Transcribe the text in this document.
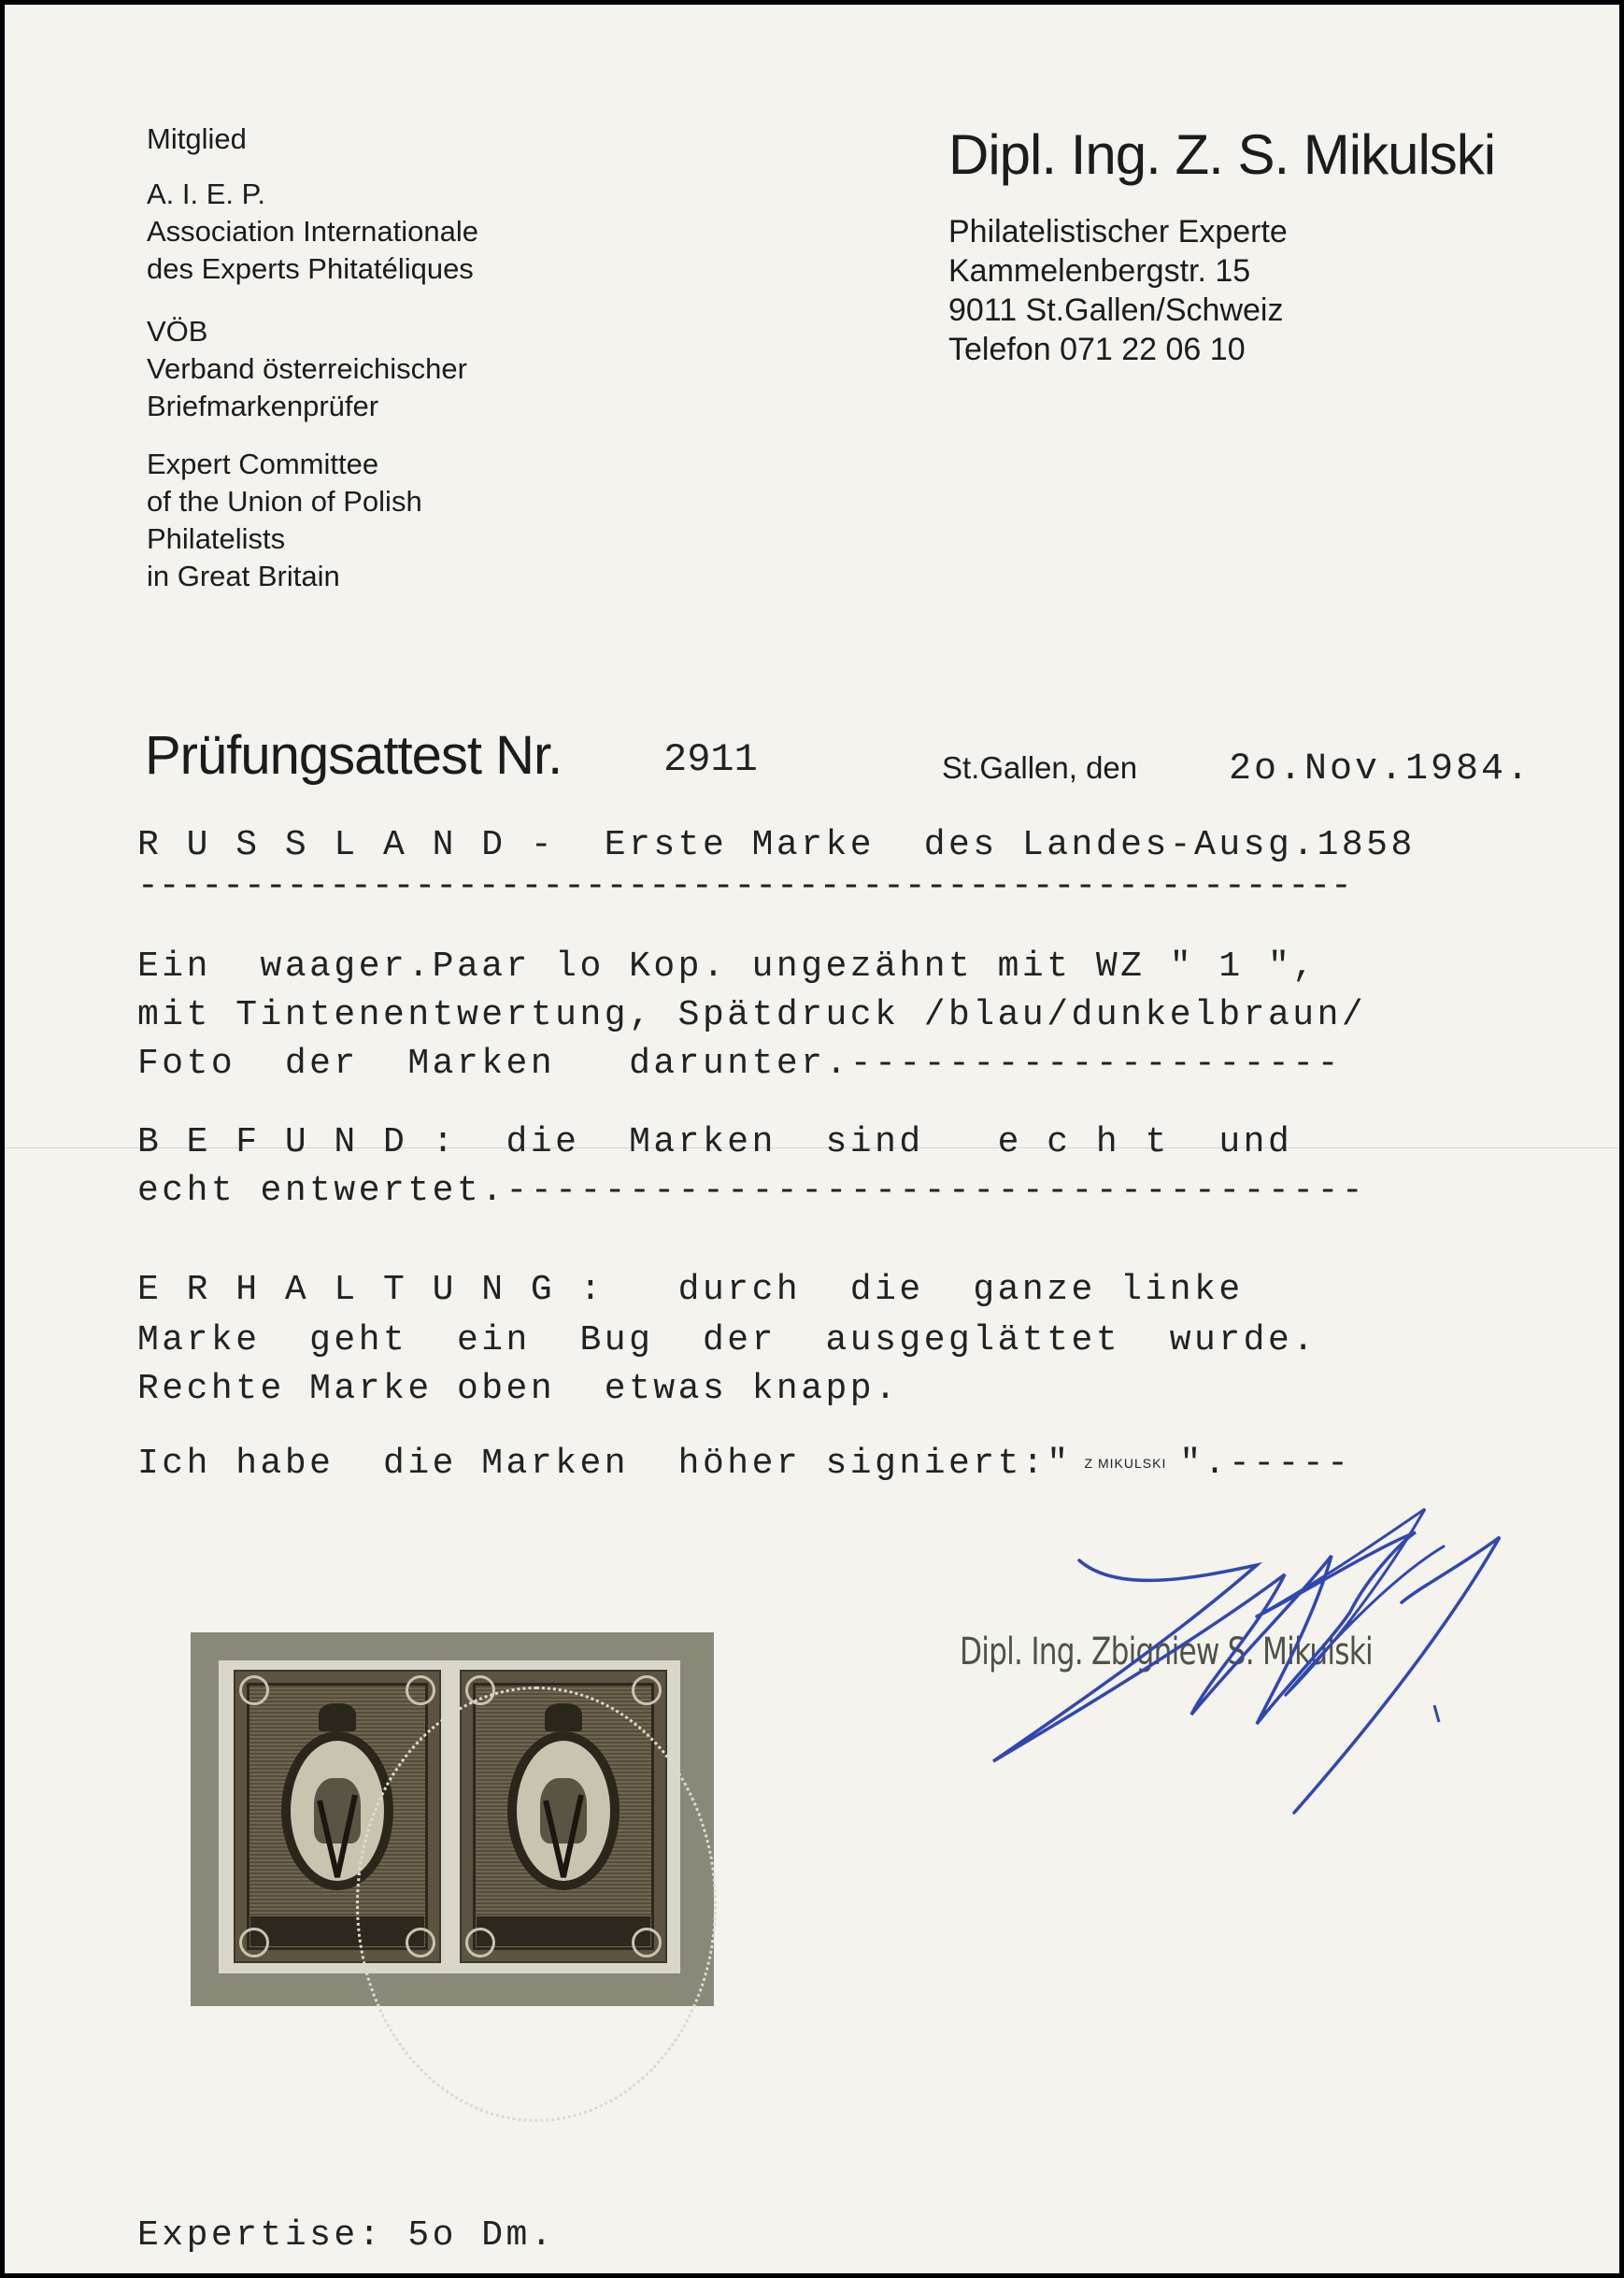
Mitglied
A. I. E. P.
Association Internationale
des Experts Phitatéliques
VÖB
Verband österreichischer
Briefmarkenprüfer
Expert Committee
of the Union of Polish
Philatelists
in Great Britain
Dipl. Ing. Z. S. Mikulski
Philatelistischer Experte
Kammelenbergstr. 15
9011 St.Gallen/Schweiz
Telefon 071 22 06 10
Prüfungsattest Nr.	2911	St.Gallen, den 2o.Nov.1984.
R U S S L A N D -  Erste Marke  des Landes-Ausg.1858
---------------------------------------------------------
Ein  waager.Paar lo Kop. ungezähnt mit WZ " 1 ",
mit Tintenentwertung, Spätdruck /blau/dunkelbraun/
Foto  der  Marken   darunter.--------------------
B E F U N D :  die  Marken  sind   e c h t  und
echt entwertet.-----------------------------------
E R H A L T U N G :   durch  die  ganze linke
Marke  geht  ein  Bug  der  ausgeglättet  wurde.
Rechte Marke oben  etwas knapp.
Ich habe  die Marken  höher signiert:" Z MIKULSKI ".-----
Dipl. Ing. Zbigniew S. Mikulski
Expertise: 5o Dm.
